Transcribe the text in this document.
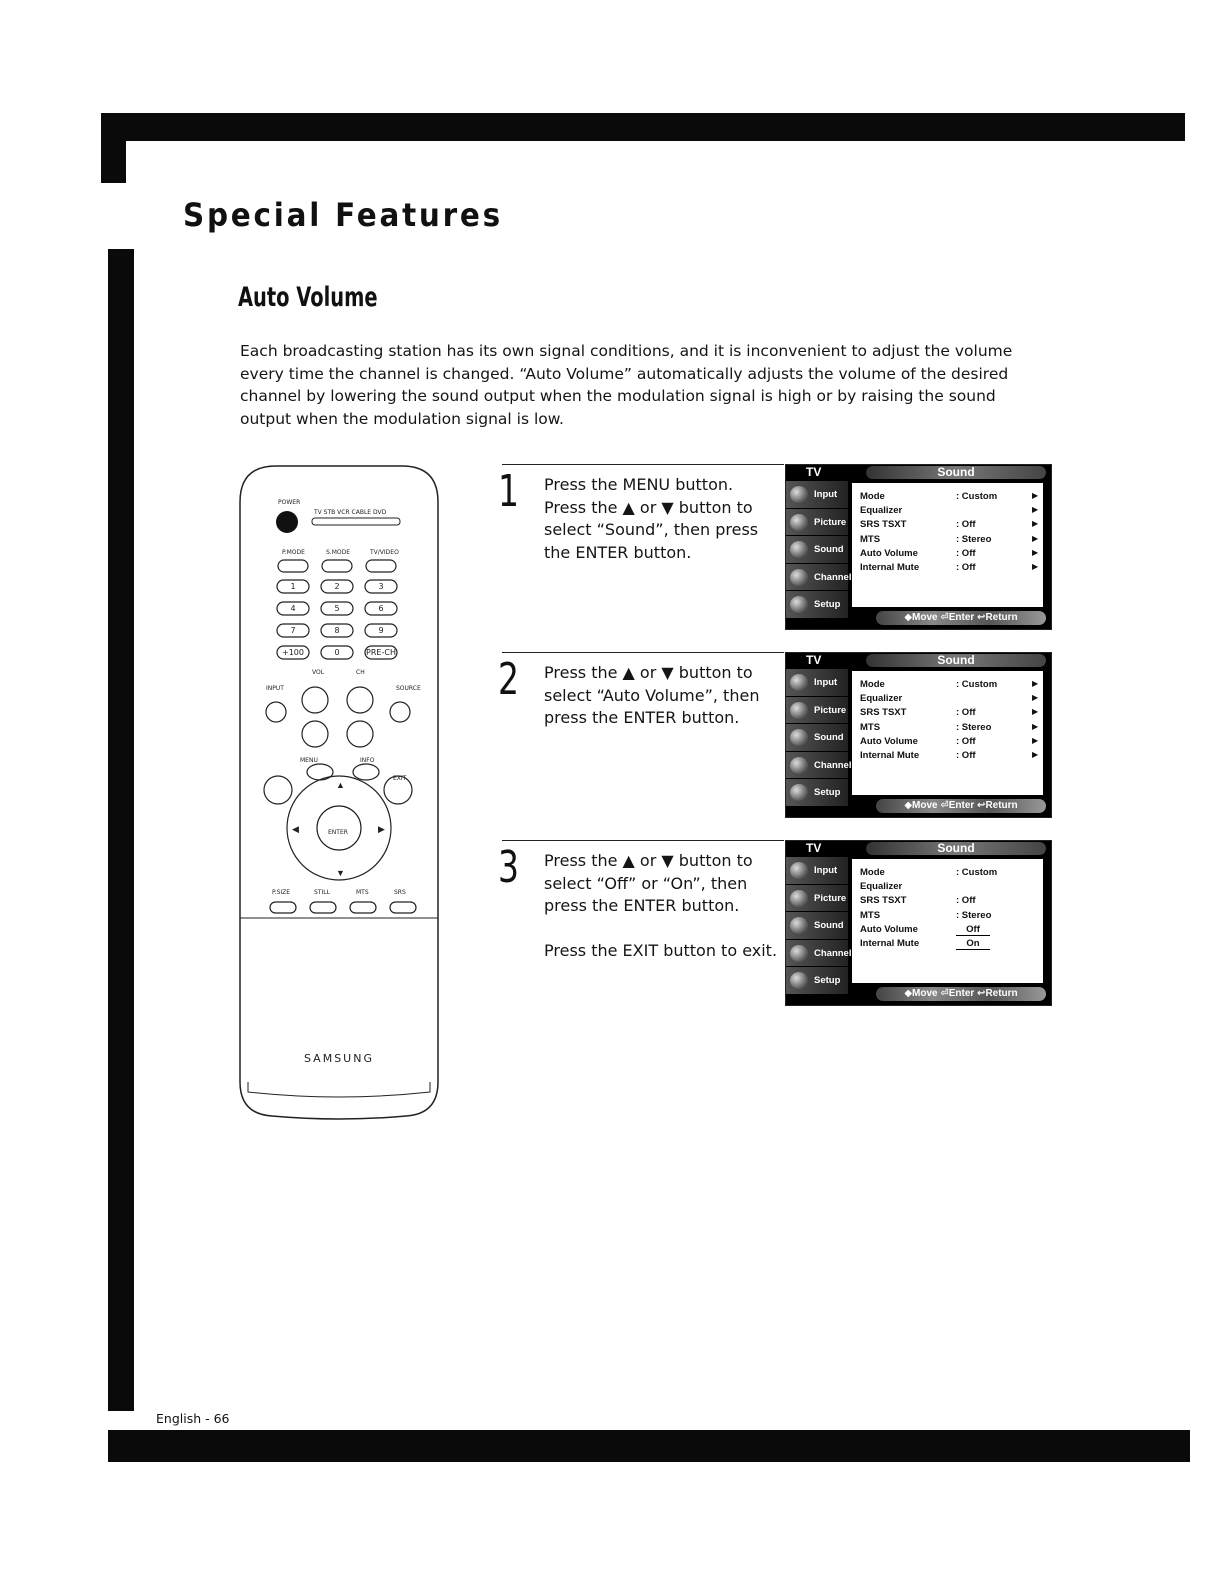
Special Features
Auto Volume

Each broadcasting station has its own signal conditions, and it is inconvenient to adjust the volume every time the channel is changed. “Auto Volume” automatically adjusts the volume of the desired channel by lowering the sound output when the modulation signal is high or by raising the sound output when the modulation signal is low.

POWER
TV STB VCR CABLE DVD
P.MODE	S.MODE	TV/VIDEO
1	2	3
4	5	6
7	8	9
+100	0	PRE-CH
VOL	CH
INPUT	SOURCE
MENU	INFO
EXIT
ENTER
▲
▼
◀	▶
P.SIZE	STILL	MTS	SRS
SAMSUNG
1 Press the MENU button.

Press the ▲ or ▼ button to select “Sound”, then press the ENTER button.

TV	Sound
Input
Picture
Sound
Channel
Setup
Mode	: Custom	▶
Equalizer	▶
SRS TSXT	: Off	▶
MTS	: Stereo	▶
Auto Volume	: Off	▶
Internal Mute	: Off	▶
◆Move ⏎Enter ↩Return
2 Press the ▲ or ▼ button to select “Auto Volume”, then press the ENTER button.

TV	Sound
Input
Picture
Sound
Channel
Setup
Mode	: Custom	▶
Equalizer	▶
SRS TSXT	: Off	▶
MTS	: Stereo	▶
Auto Volume	: Off	▶
Internal Mute	: Off	▶
◆Move ⏎Enter ↩Return
3 Press the ▲ or ▼ button to select “Off” or “On”, then press the ENTER button.

Press the EXIT button to exit.

TV	Sound
Input
Picture
Sound
Channel
Setup
Mode	: Custom
Equalizer
SRS TSXT	: Off
MTS	: Stereo
Auto Volume	Off
Internal Mute	On
◆Move ⏎Enter ↩Return
English - 66
